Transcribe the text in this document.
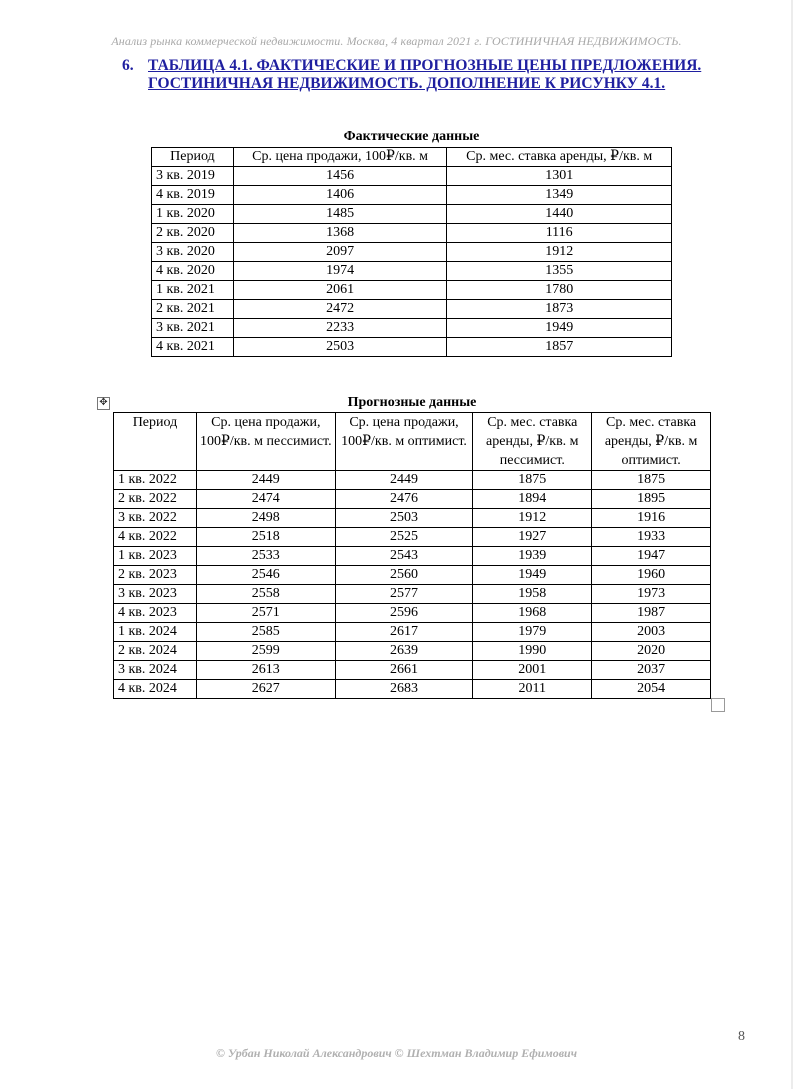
Анализ рынка коммерческой недвижимости. Москва, 4 квартал 2021 г. ГОСТИНИЧНАЯ НЕДВИЖИМОСТЬ.
6. ТАБЛИЦА 4.1. ФАКТИЧЕСКИЕ И ПРОГНОЗНЫЕ ЦЕНЫ ПРЕДЛОЖЕНИЯ. ГОСТИНИЧНАЯ НЕДВИЖИМОСТЬ. ДОПОЛНЕНИЕ К РИСУНКУ 4.1.
Фактические данные
Период	Ср. цена продажи, 100₽/кв. м	Ср. мес. ставка аренды, ₽/кв. м
3 кв. 2019	1456	1301
4 кв. 2019	1406	1349
1 кв. 2020	1485	1440
2 кв. 2020	1368	1116
3 кв. 2020	2097	1912
4 кв. 2020	1974	1355
1 кв. 2021	2061	1780
2 кв. 2021	2472	1873
3 кв. 2021	2233	1949
4 кв. 2021	2503	1857
✥	Прогнозные данные
Период	Ср. цена продажи, 100₽/кв. м пессимист.	Ср. цена продажи, 100₽/кв. м оптимист.	Ср. мес. ставка аренды, ₽/кв. м пессимист.	Ср. мес. ставка аренды, ₽/кв. м оптимист.
1 кв. 2022	2449	2449	1875	1875
2 кв. 2022	2474	2476	1894	1895
3 кв. 2022	2498	2503	1912	1916
4 кв. 2022	2518	2525	1927	1933
1 кв. 2023	2533	2543	1939	1947
2 кв. 2023	2546	2560	1949	1960
3 кв. 2023	2558	2577	1958	1973
4 кв. 2023	2571	2596	1968	1987
1 кв. 2024	2585	2617	1979	2003
2 кв. 2024	2599	2639	1990	2020
3 кв. 2024	2613	2661	2001	2037
4 кв. 2024	2627	2683	2011	2054
8
© Урбан Николай Александрович © Шехтман Владимир Ефимович
